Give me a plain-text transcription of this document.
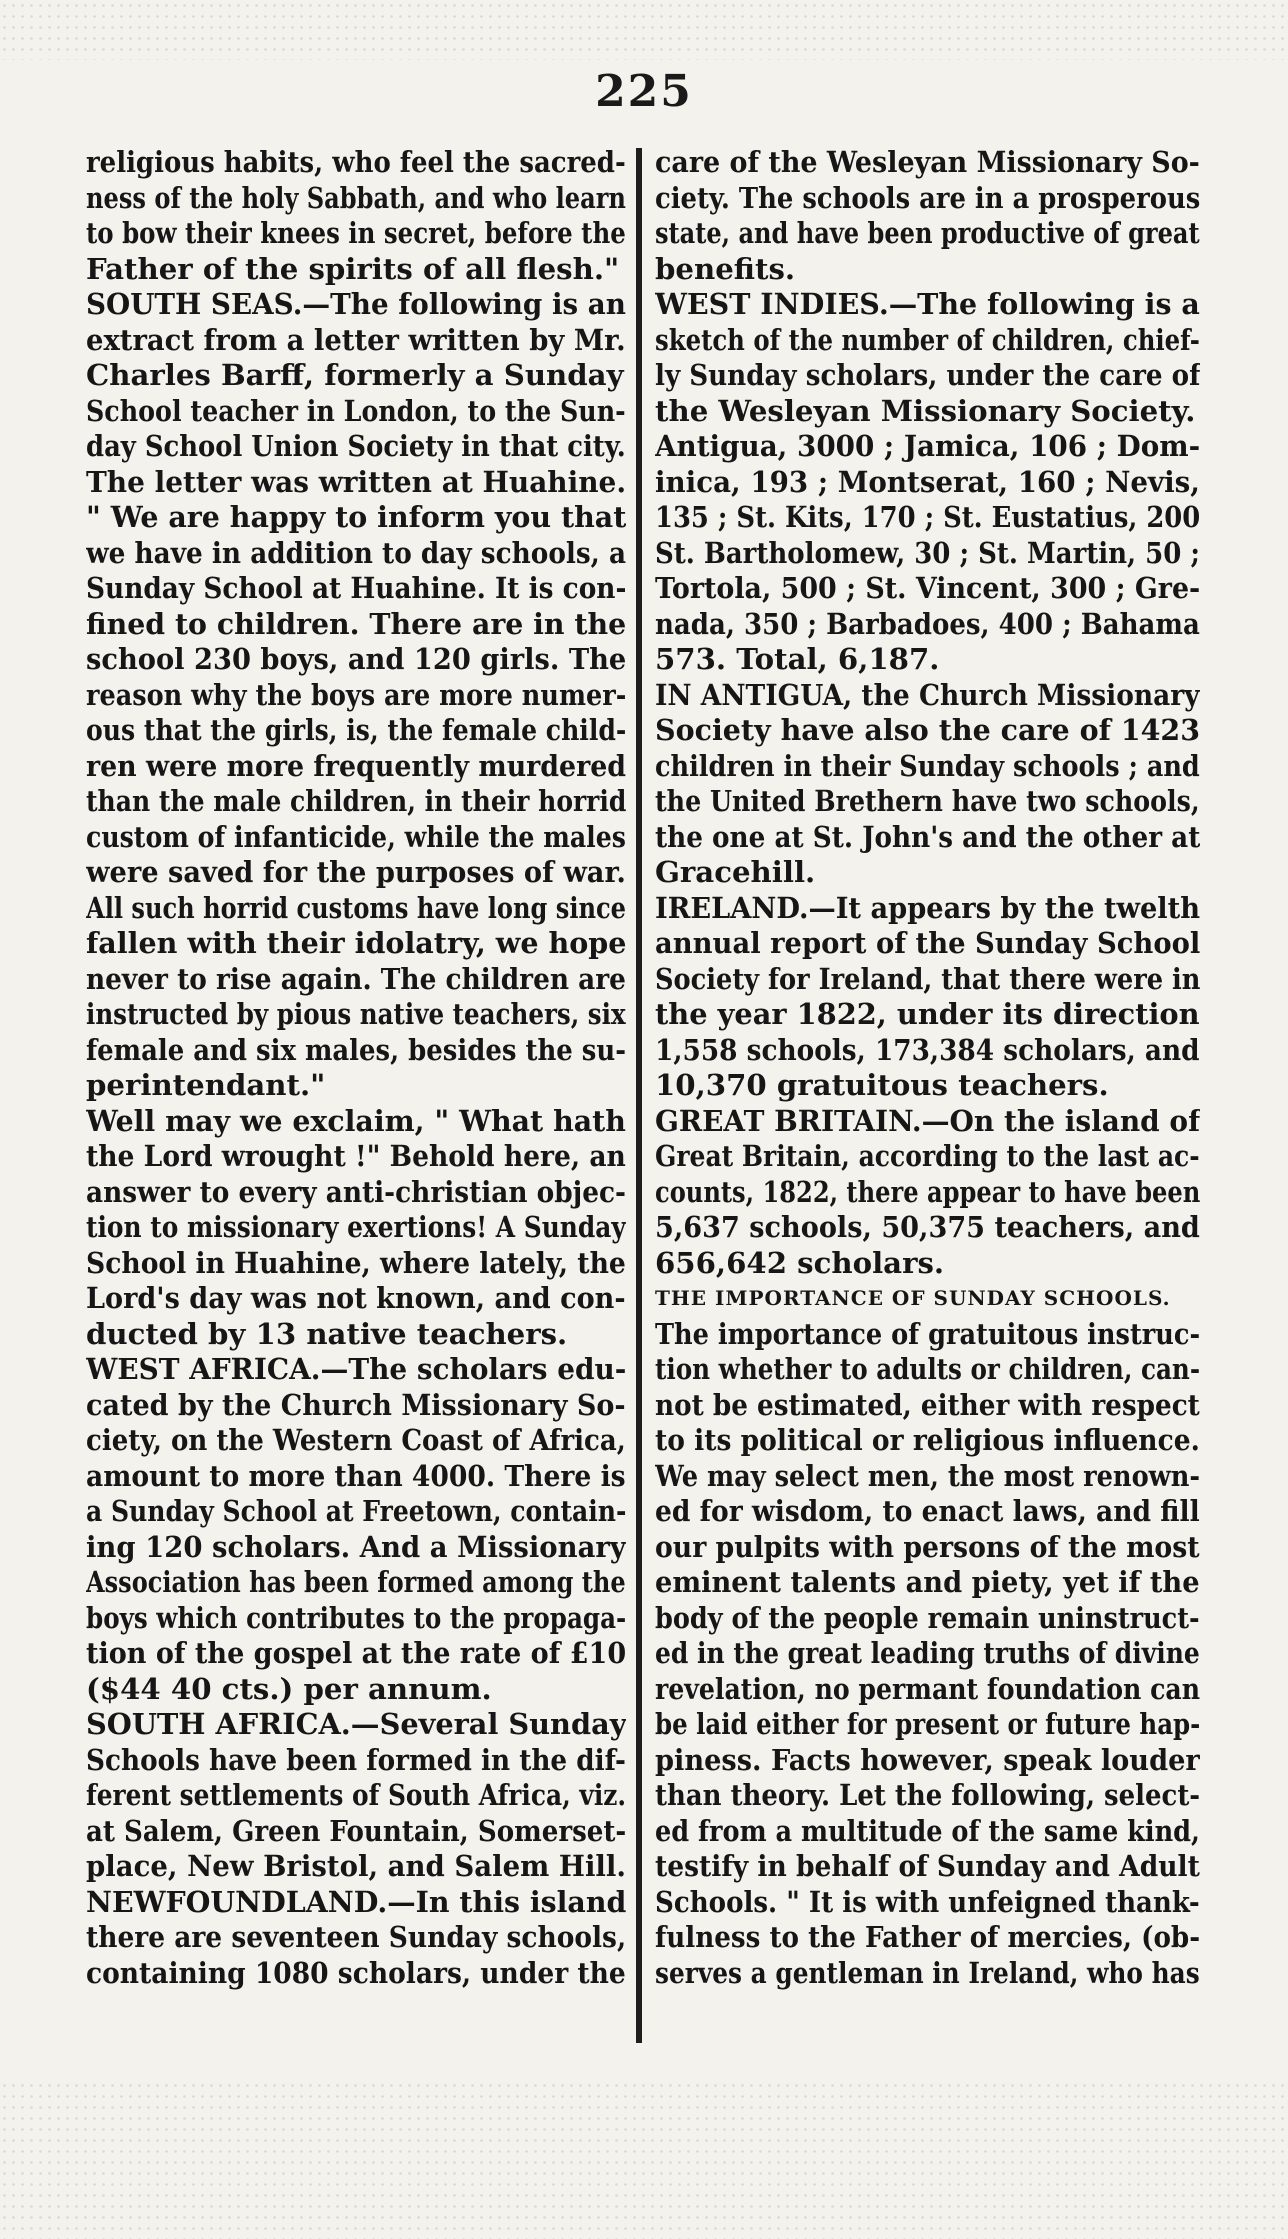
225
religious habits, who feel the sacred-
ness of the holy Sabbath, and who learn
to bow their knees in secret, before the
Father of the spirits of all flesh."
SOUTH SEAS.—The following is an
extract from a letter written by Mr.
Charles Barff, formerly a Sunday
School teacher in London, to the Sun-
day School Union Society in that city.
The letter was written at Huahine.
" We are happy to inform you that
we have in addition to day schools, a
Sunday School at Huahine. It is con-
fined to children. There are in the
school 230 boys, and 120 girls. The
reason why the boys are more numer-
ous that the girls, is, the female child-
ren were more frequently murdered
than the male children, in their horrid
custom of infanticide, while the males
were saved for the purposes of war.
All such horrid customs have long since
fallen with their idolatry, we hope
never to rise again. The children are
instructed by pious native teachers, six
female and six males, besides the su-
perintendant."
Well may we exclaim, " What hath
the Lord wrought !" Behold here, an
answer to every anti-christian objec-
tion to missionary exertions! A Sunday
School in Huahine, where lately, the
Lord's day was not known, and con-
ducted by 13 native teachers.
WEST AFRICA.—The scholars edu-
cated by the Church Missionary So-
ciety, on the Western Coast of Africa,
amount to more than 4000. There is
a Sunday School at Freetown, contain-
ing 120 scholars. And a Missionary
Association has been formed among the
boys which contributes to the propaga-
tion of the gospel at the rate of £10
($44 40 cts.) per annum.
SOUTH AFRICA.—Several Sunday
Schools have been formed in the dif-
ferent settlements of South Africa, viz.
at Salem, Green Fountain, Somerset-
place, New Bristol, and Salem Hill.
NEWFOUNDLAND.—In this island
there are seventeen Sunday schools,
containing 1080 scholars, under the
care of the Wesleyan Missionary So-
ciety. The schools are in a prosperous
state, and have been productive of great
benefits.
WEST INDIES.—The following is a
sketch of the number of children, chief-
ly Sunday scholars, under the care of
the Wesleyan Missionary Society.
Antigua, 3000 ; Jamica, 106 ; Dom-
inica, 193 ; Montserat, 160 ; Nevis,
135 ; St. Kits, 170 ; St. Eustatius, 200
St. Bartholomew, 30 ; St. Martin, 50 ;
Tortola, 500 ; St. Vincent, 300 ; Gre-
nada, 350 ; Barbadoes, 400 ; Bahama
573. Total, 6,187.
IN ANTIGUA, the Church Missionary
Society have also the care of 1423
children in their Sunday schools ; and
the United Brethern have two schools,
the one at St. John's and the other at
Gracehill.
IRELAND.—It appears by the twelth
annual report of the Sunday School
Society for Ireland, that there were in
the year 1822, under its direction
1,558 schools, 173,384 scholars, and
10,370 gratuitous teachers.
GREAT BRITAIN.—On the island of
Great Britain, according to the last ac-
counts, 1822, there appear to have been
5,637 schools, 50,375 teachers, and
656,642 scholars.
THE IMPORTANCE OF SUNDAY SCHOOLS.
The importance of gratuitous instruc-
tion whether to adults or children, can-
not be estimated, either with respect
to its political or religious influence.
We may select men, the most renown-
ed for wisdom, to enact laws, and fill
our pulpits with persons of the most
eminent talents and piety, yet if the
body of the people remain uninstruct-
ed in the great leading truths of divine
revelation, no permant foundation can
be laid either for present or future hap-
piness. Facts however, speak louder
than theory. Let the following, select-
ed from a multitude of the same kind,
testify in behalf of Sunday and Adult
Schools. " It is with unfeigned thank-
fulness to the Father of mercies, (ob-
serves a gentleman in Ireland, who has
